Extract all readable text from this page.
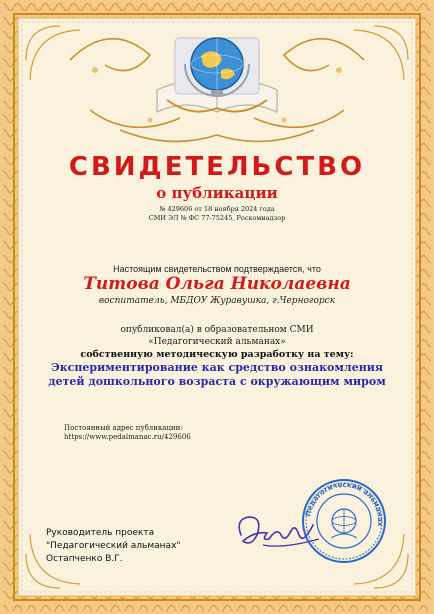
СВИДЕТЕЛЬСТВО
о публикации
№ 429606 от 18 ноября 2024 года
СМИ ЭЛ № ФС 77-75245, Роскомнадзор
Настоящим свидетельством подтверждается, что
Титова Ольга Николаевна
воспитатель, МБДОУ Журавушка, г.Черногорск
опубликовал(а) в образовательном СМИ
«Педагогический альманах»
собственную методическую разработку на тему:
Экспериментирование как средство ознакомления
детей дошкольного возраста с окружающим миром
Постоянный адрес публикации:
https://www.pedalmanac.ru/429606
Руководитель проекта
"Педагогический альманах"
Остапченко В.Г.
Педагогический альманах
